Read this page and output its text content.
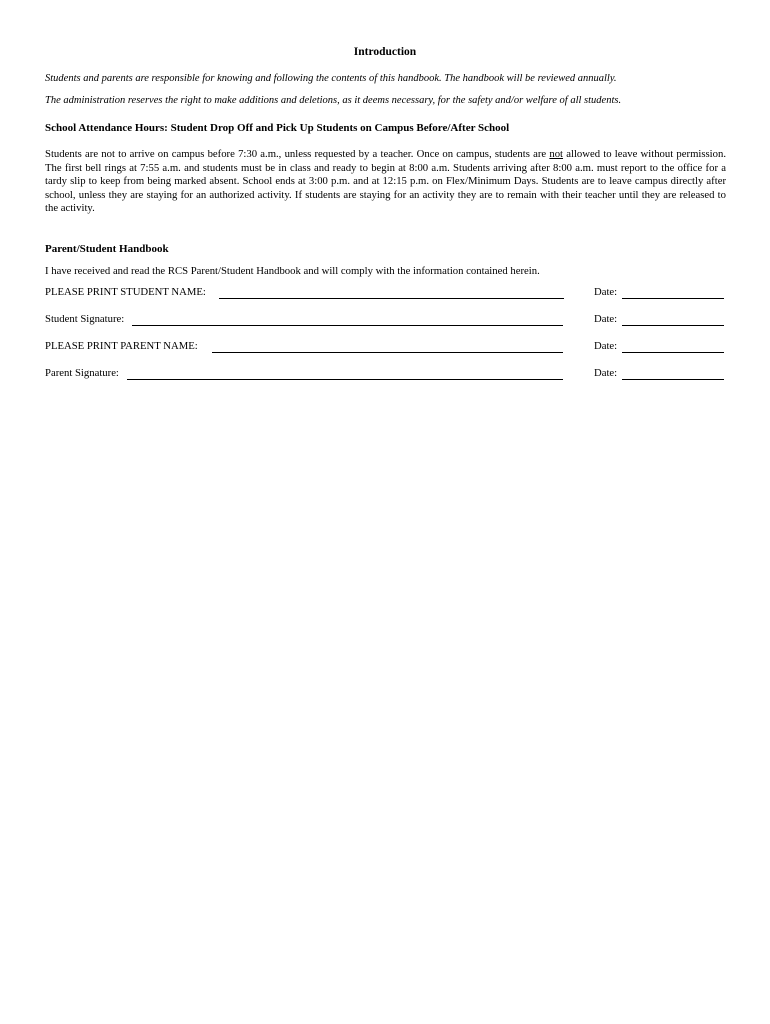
Introduction
Students and parents are responsible for knowing and following the contents of this handbook. The handbook will be reviewed annually.
The administration reserves the right to make additions and deletions, as it deems necessary, for the safety and/or welfare of all students.
School Attendance Hours: Student Drop Off and Pick Up Students on Campus Before/After School
Students are not to arrive on campus before 7:30 a.m., unless requested by a teacher. Once on campus, students are not allowed to leave without permission. The first bell rings at 7:55 a.m. and students must be in class and ready to begin at 8:00 a.m. Students arriving after 8:00 a.m. must report to the office for a tardy slip to keep from being marked absent. School ends at 3:00 p.m. and at 12:15 p.m. on Flex/Minimum Days. Students are to leave campus directly after school, unless they are staying for an authorized activity. If students are staying for an activity they are to remain with their teacher until they are released to the activity.
Parent/Student Handbook
I have received and read the RCS Parent/Student Handbook and will comply with the information contained herein.
PLEASE PRINT STUDENT NAME:	Date:
Student Signature:	Date:
PLEASE PRINT PARENT NAME:	Date:
Parent Signature:	Date:
